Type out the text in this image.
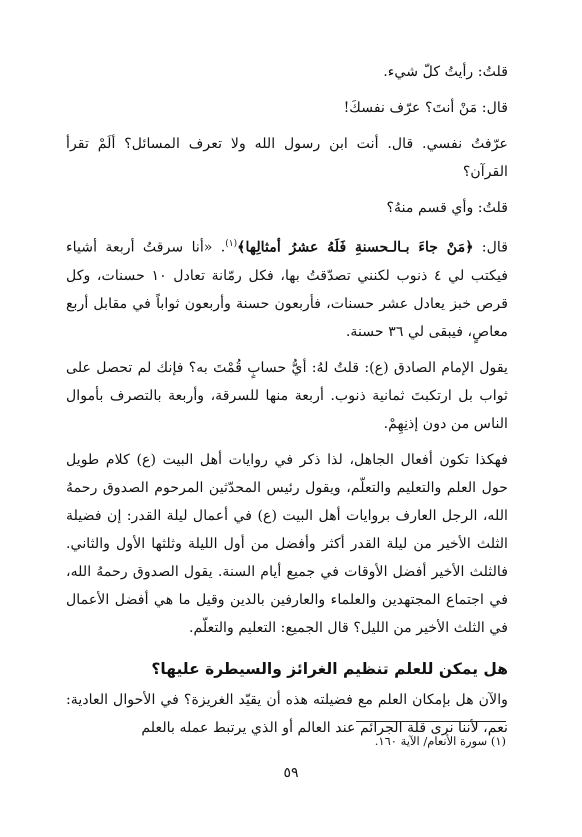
قلتُ: رأيتُ كلّ شيء.

قال: مَنْ أنتَ؟ عرّف نفسكَ!

عرّفتُ نفسي. قال. أنت ابن رسول الله ولا تعرف المسائل؟ ألَمْ تقرأ القرآن؟

قلتُ: وأي قسم منهُ؟

قال: ﴿مَنْ جاءَ بـالـحسنةِ فَلَهُ عشرُ أمثالِها﴾$^{(١)}$. «أنا سرقتُ أربعة أشياء فيكتب لي ٤ ذنوب لكنني تصدّقتُ بها، فكل رمّانة تعادل ١٠ حسنات، وكل قرص خبز يعادل عشر حسنات، فأربعون حسنة وأربعون ثواباً في مقابل أربع معاصٍ، فيبقى لي ٣٦ حسنة.

يقول الإمام الصادق (ع): قلتُ لهُ: أيُّ حسابٍ قُمْتَ به؟ فإنك لم تحصل على ثواب بل ارتكبتَ ثمانية ذنوب. أربعة منها للسرقة، وأربعة بالتصرف بأموال الناس من دون إذنِهِمْ.

فهكذا تكون أفعال الجاهل، لذا ذكر في روايات أهل البيت (ع) كلام طويل حول العلم والتعليم والتعلّم، ويقول رئيس المحدّثين المرحوم الصدوق رحمهُ الله، الرجل العارف بروايات أهل البيت (ع) في أعمال ليلة القدر: إن فضيلة الثلث الأخير من ليلة القدر أكثر وأفضل من أول الليلة وثلثها الأول والثاني. فالثلث الأخير أفضل الأوقات في جميع أيام السنة. يقول الصدوق رحمهُ الله، في اجتماع المجتهدين والعلماء والعارفين بالدين وقيل ما هي أفضل الأعمال في الثلث الأخير من الليل؟ قال الجميع: التعليم والتعلّم.

هل يمكن للعلم تنظيم الغرائز والسيطرة عليها؟

والآن هل بإمكان العلم مع فضيلته هذه أن يقيّد الغريزة؟ في الأحوال العادية: نعم، لأننا نرى قلة الجرائم عند العالم أو الذي يرتبط عمله بالعلم

(١) سورة الأنعام/ الآية ١٦٠.
٥٩
